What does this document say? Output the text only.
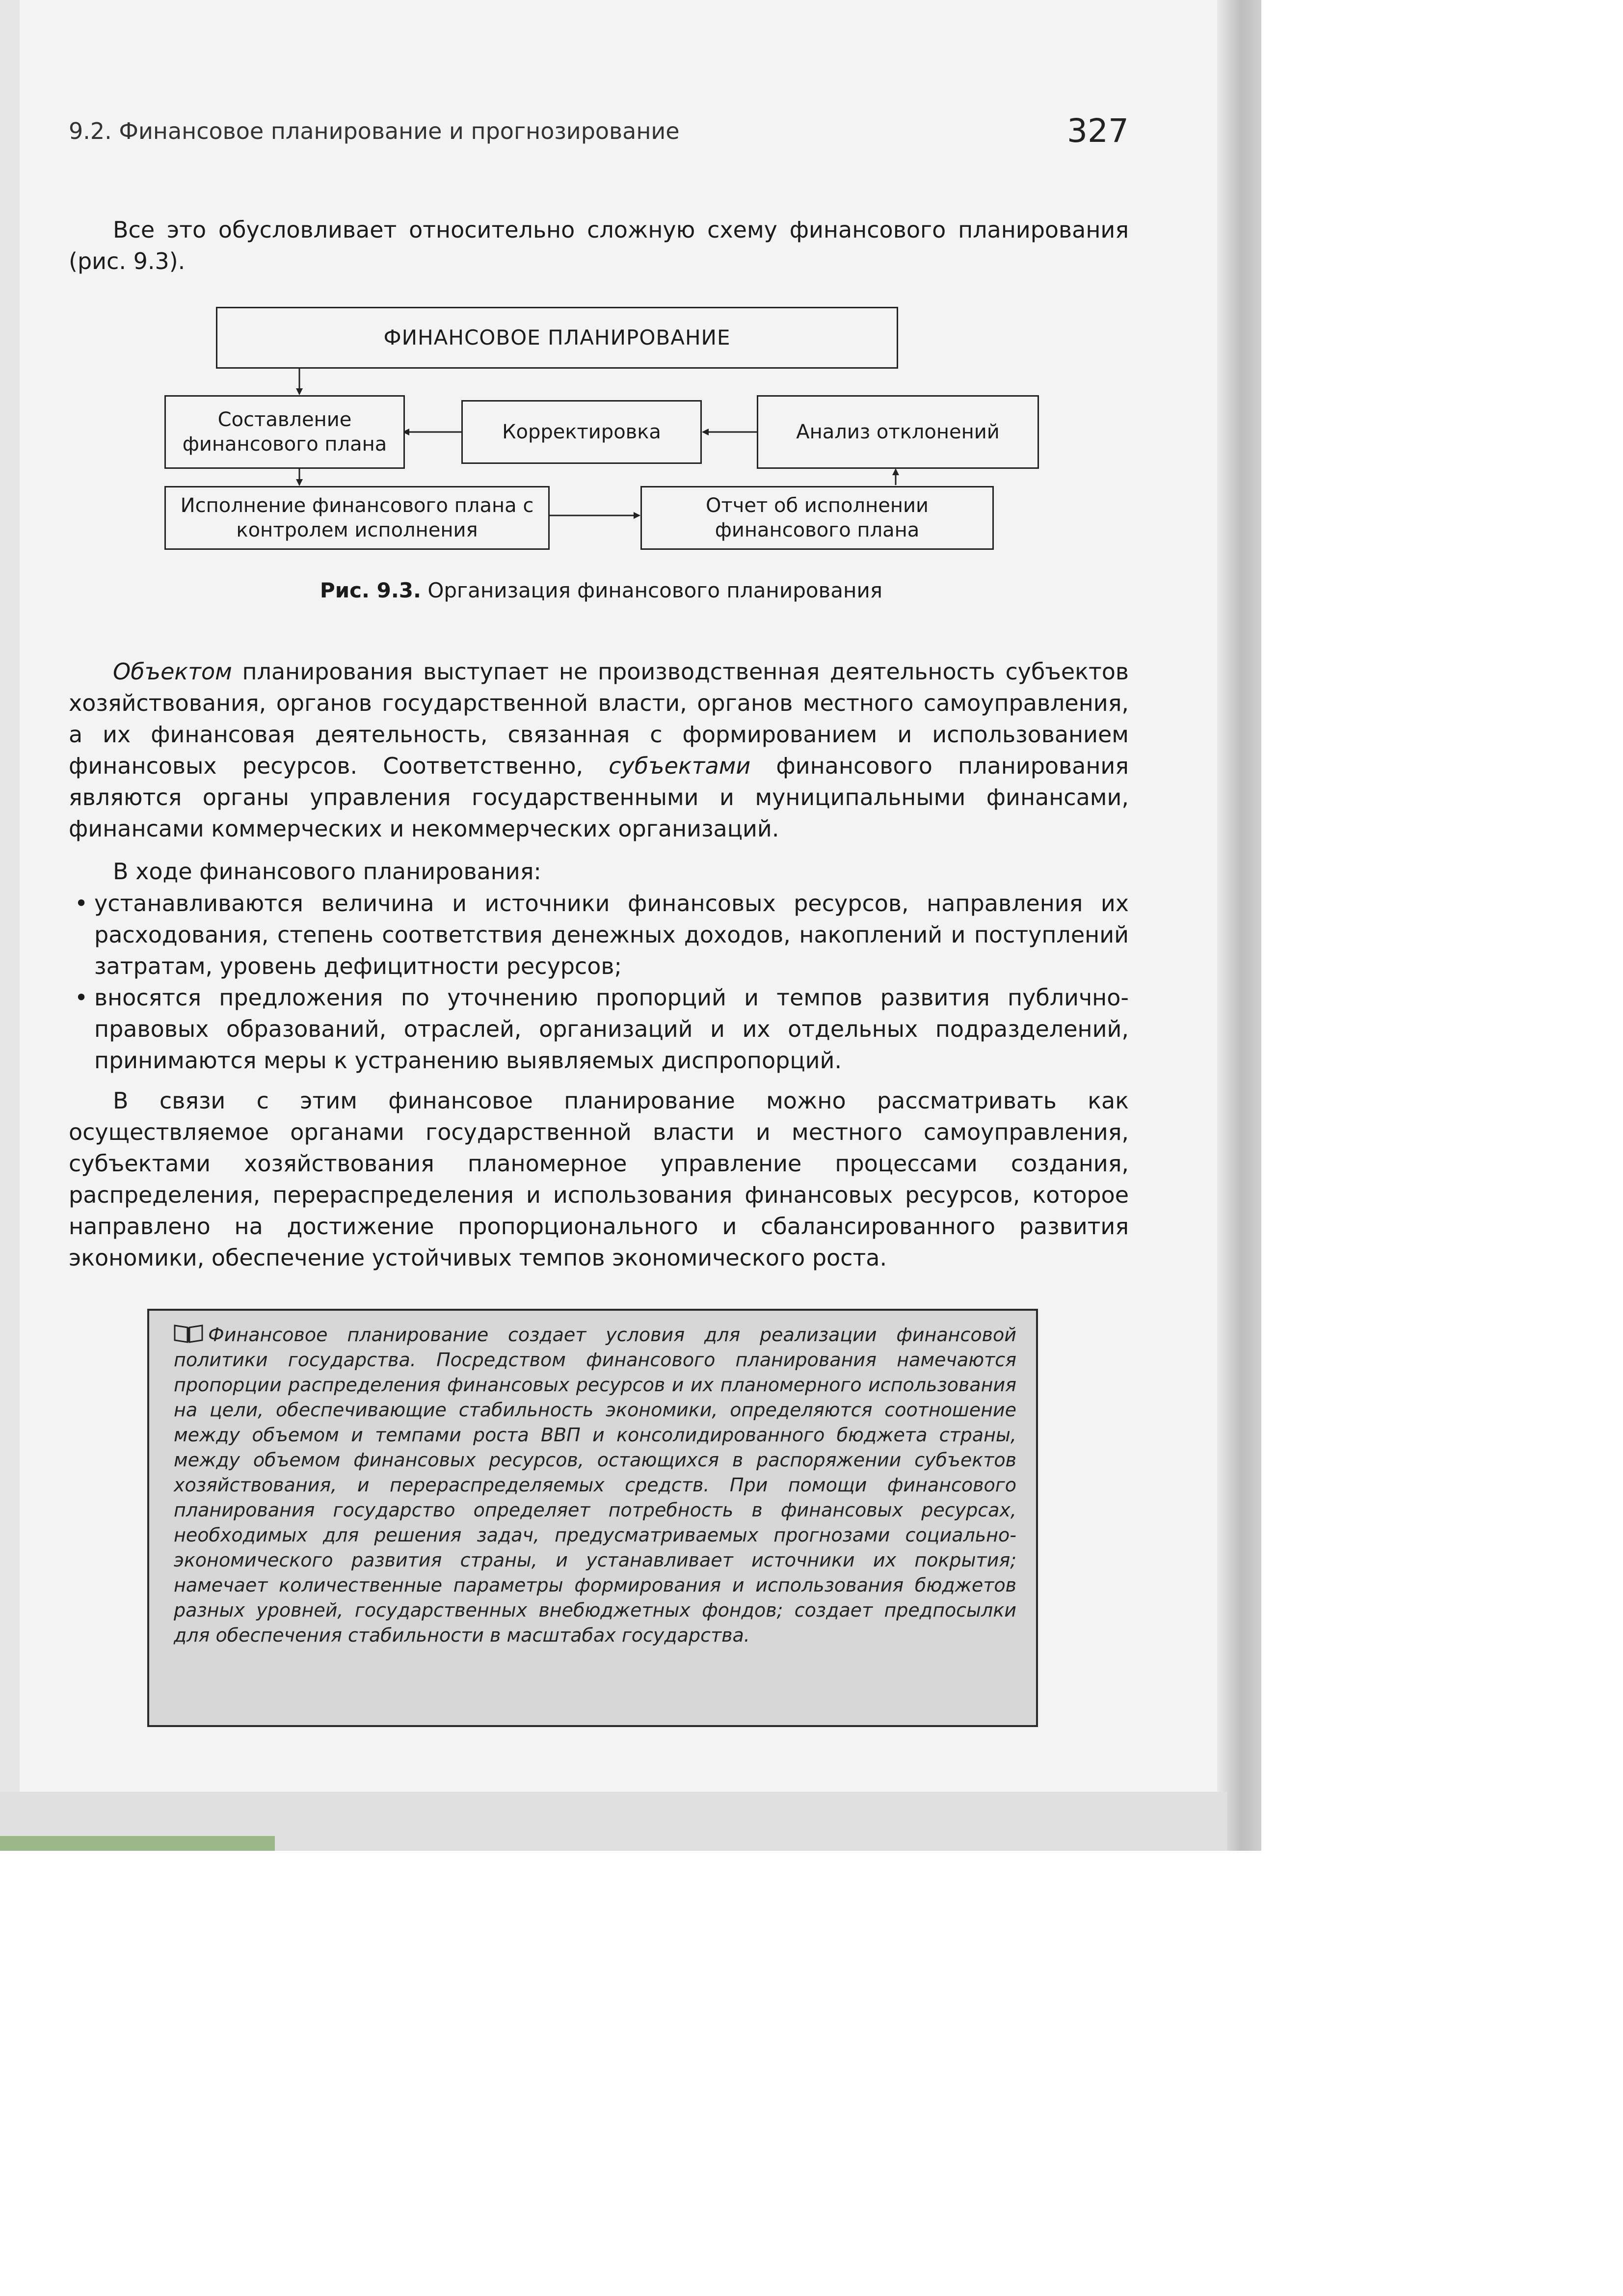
9.2. Финансовое планирование и прогнозирование	327

Все это обусловливает относительно сложную схему финансового планирования (рис. 9.3).

ФИНАНСОВОЕ ПЛАНИРОВАНИЕ
Составление финансового плана
Корректировка	Анализ отклонений
Исполнение финансового плана с контролем исполнения
Отчет об исполнении финансового плана
Рис. 9.3. Организация финансового планирования

Объектом планирования выступает не производственная деятельность субъектов хозяйствования, органов государственной власти, органов местного самоуправления, а их финансовая деятельность, связанная с формированием и использованием финансовых ресурсов. Соответственно, субъектами финансового планирования являются органы управления государственными и муниципальными финансами, финансами коммерческих и некоммерческих организаций.

В ходе финансового планирования:

• устанавливаются величина и источники финансовых ресурсов, направления их расходования, степень соответствия денежных доходов, накоплений и поступлений затратам, уровень дефицитности ресурсов;
• вносятся предложения по уточнению пропорций и темпов развития публично-правовых образований, отраслей, организаций и их отдельных подразделений, принимаются меры к устранению выявляемых диспропорций.

В связи с этим финансовое планирование можно рассматривать как осуществляемое органами государственной власти и местного самоуправления, субъектами хозяйствования планомерное управление процессами создания, распределения, перераспределения и использования финансовых ресурсов, которое направлено на достижение пропорционального и сбалансированного развития экономики, обеспечение устойчивых темпов экономического роста.

Финансовое планирование создает условия для реализации финансовой политики государства. Посредством финансового планирования намечаются пропорции распределения финансовых ресурсов и их планомерного использования на цели, обеспечивающие стабильность экономики, определяются соотношение между объемом и темпами роста ВВП и консолидированного бюджета страны, между объемом финансовых ресурсов, остающихся в распоряжении субъектов хозяйствования, и перераспределяемых средств. При помощи финансового планирования государство определяет потребность в финансовых ресурсах, необходимых для решения задач, предусматриваемых прогнозами социально-экономического развития страны, и устанавливает источники их покрытия; намечает количественные параметры формирования и использования бюджетов разных уровней, государственных внебюджетных фондов; создает предпосылки для обеспечения стабильности в масштабах государства.
